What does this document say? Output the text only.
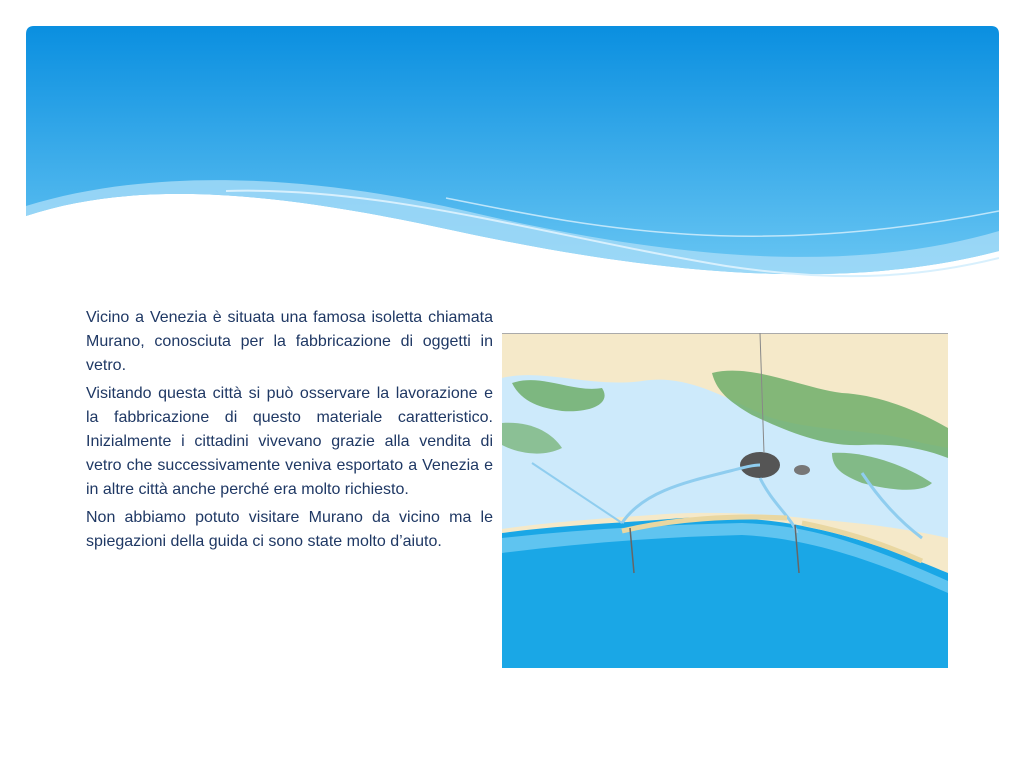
Vicino a Venezia è situata una famosa isoletta chiamata Murano, conosciuta per la fabbricazione di oggetti in vetro.

Visitando questa città si può osservare la lavorazione e la fabbricazione di questo materiale caratteristico. Inizialmente i cittadini vivevano grazie alla vendita di vetro che successivamente veniva esportato a Venezia e in altre città anche perché era molto richiesto.

Non abbiamo potuto visitare Murano da vicino ma le spiegazioni della guida ci sono state molto d’aiuto.
